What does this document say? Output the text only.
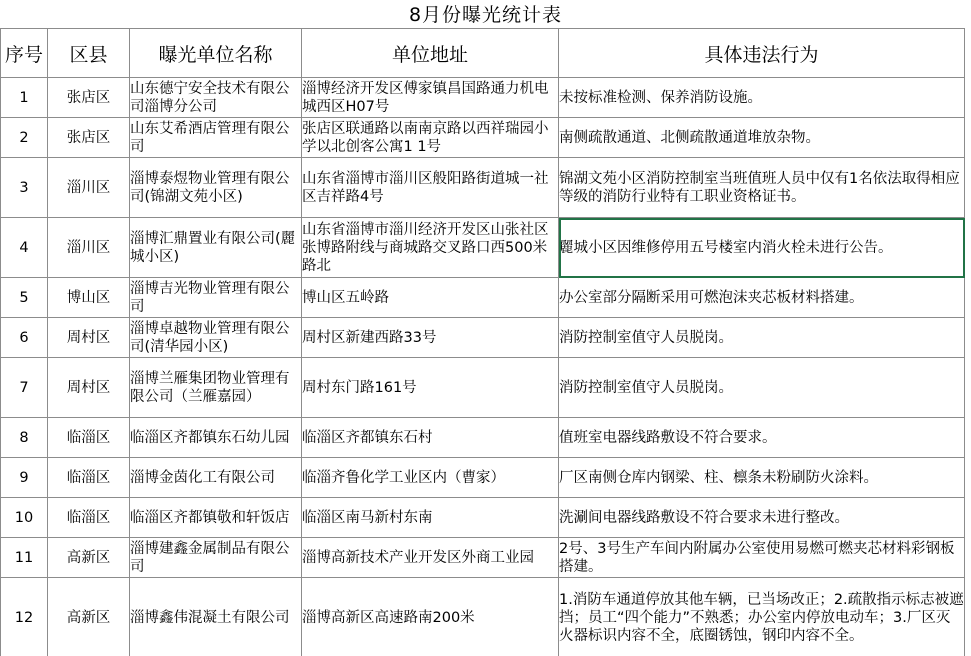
8月份曝光统计表
序号	区县	曝光单位名称	单位地址	具体违法行为
1	张店区	山东德宁安全技术有限公司淄博分公司	淄博经济开发区傅家镇昌国路通力机电城西区H07号	未按标准检测、保养消防设施。
2	张店区	山东艾希酒店管理有限公司	张店区联通路以南南京路以西祥瑞园小学以北创客公寓1 1号	南侧疏散通道、北侧疏散通道堆放杂物。
3	淄川区	淄博泰煜物业管理有限公司(锦湖文苑小区)	山东省淄博市淄川区般阳路街道城一社区吉祥路4号	锦湖文苑小区消防控制室当班值班人员中仅有1名依法取得相应等级的消防行业特有工职业资格证书。
4	淄川区	淄博汇鼎置业有限公司(麗城小区)	山东省淄博市淄川经济开发区山张社区张博路附线与商城路交叉路口西500米路北	麗城小区因维修停用五号楼室内消火栓未进行公告。
5	博山区	淄博吉光物业管理有限公司	博山区五岭路	办公室部分隔断采用可燃泡沫夹芯板材料搭建。
6	周村区	淄博卓越物业管理有限公司(清华园小区)	周村区新建西路33号	消防控制室值守人员脱岗。
7	周村区	淄博兰雁集团物业管理有限公司（兰雁嘉园）	周村东门路161号	消防控制室值守人员脱岗。
8	临淄区	临淄区齐都镇东石幼儿园	临淄区齐都镇东石村	值班室电器线路敷设不符合要求。
9	临淄区	淄博金茵化工有限公司	临淄齐鲁化学工业区内（曹家）	厂区南侧仓库内钢梁、柱、檩条未粉刷防火涂料。
10	临淄区	临淄区齐都镇敬和轩饭店	临淄区南马新村东南	洗涮间电器线路敷设不符合要求未进行整改。
11	高新区	淄博建鑫金属制品有限公司	淄博高新技术产业开发区外商工业园	2号、3号生产车间内附属办公室使用易燃可燃夹芯材料彩钢板搭建。
12	高新区	淄博鑫伟混凝土有限公司	淄博高新区高速路南200米	1.消防车通道停放其他车辆，已当场改正；2.疏散指示标志被遮挡；员工“四个能力”不熟悉；办公室内停放电动车；3.厂区灭火器标识内容不全，底圈锈蚀，钢印内容不全。
